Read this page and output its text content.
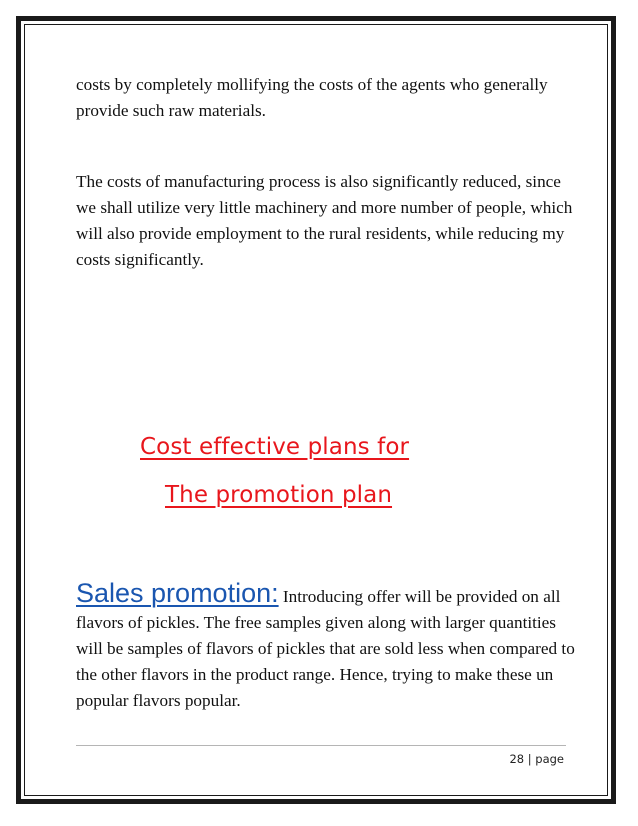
costs by completely mollifying the costs of the agents who generally provide such raw materials.

The costs of manufacturing process is also significantly reduced, since we shall utilize very little machinery and more number of people, which will also provide employment to the rural residents, while reducing my costs significantly.

Cost effective plans for
The promotion plan

Sales promotion: Introducing offer will be provided on all flavors of pickles. The free samples given along with larger quantities will be samples of flavors of pickles that are sold less when compared to the other flavors in the product range. Hence, trying to make these un popular flavors popular.

28 | page
